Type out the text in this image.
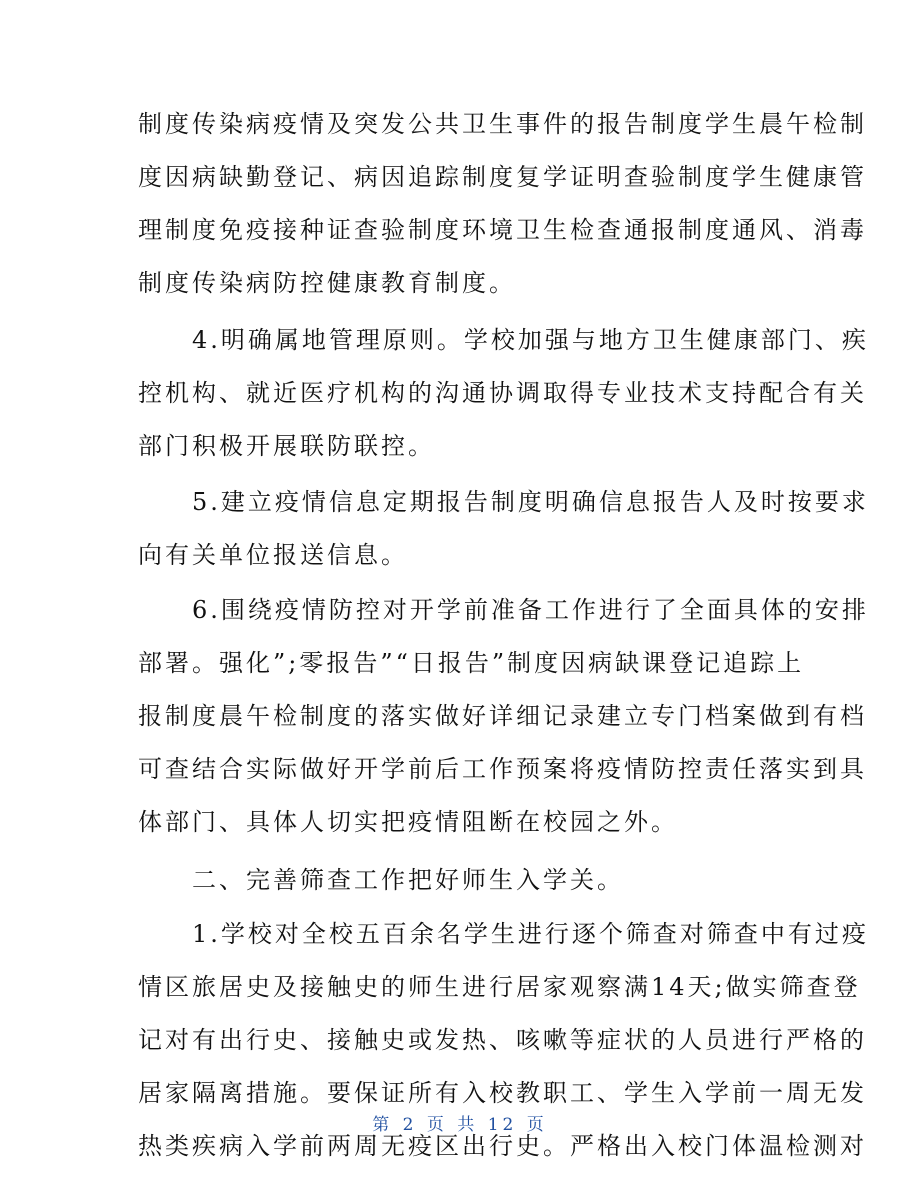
制度传染病疫情及突发公共卫生事件的报告制度学生晨午检制
度因病缺勤登记、病因追踪制度复学证明查验制度学生健康管
理制度免疫接种证查验制度环境卫生检查通报制度通风、消毒
制度传染病防控健康教育制度。
　　4.明确属地管理原则。学校加强与地方卫生健康部门、疾
控机构、就近医疗机构的沟通协调取得专业技术支持配合有关
部门积极开展联防联控。
　　5.建立疫情信息定期报告制度明确信息报告人及时按要求
向有关单位报送信息。
　　6.围绕疫情防控对开学前准备工作进行了全面具体的安排
部署。强化”;零报告”“日报告”制度因病缺课登记追踪上
报制度晨午检制度的落实做好详细记录建立专门档案做到有档
可查结合实际做好开学前后工作预案将疫情防控责任落实到具
体部门、具体人切实把疫情阻断在校园之外。
　　二、完善筛查工作把好师生入学关。
　　1.学校对全校五百余名学生进行逐个筛查对筛查中有过疫
情区旅居史及接触史的师生进行居家观察满14天;做实筛查登
记对有出行史、接触史或发热、咳嗽等症状的人员进行严格的
居家隔离措施。要保证所有入校教职工、学生入学前一周无发
热类疾病入学前两周无疫区出行史。严格出入校门体温检测对
第 2 页 共 12 页
